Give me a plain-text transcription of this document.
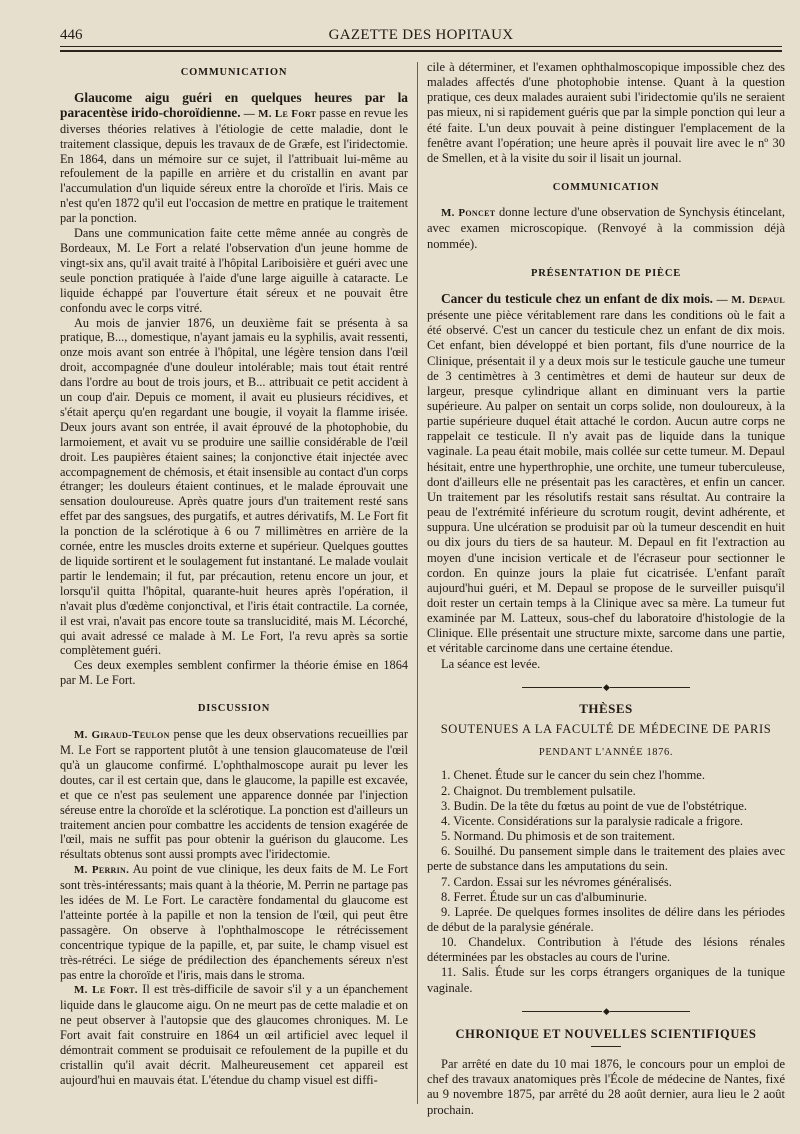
446	GAZETTE DES HOPITAUX
COMMUNICATION

Glaucome aigu guéri en quelques heures par la paracentèse irido-choroïdienne. — M. Le Fort passe en revue les diverses théories relatives à l'étiologie de cette maladie, dont le traitement classique, depuis les travaux de de Græfe, est l'iridectomie. En 1864, dans un mémoire sur ce sujet, il l'attribuait lui-même au refoulement de la papille en arrière et du cristallin en avant par l'accumulation d'un liquide séreux entre la choroïde et l'iris. Mais ce n'est qu'en 1872 qu'il eut l'occasion de mettre en pratique le traitement par la ponction.

Dans une communication faite cette même année au congrès de Bordeaux, M. Le Fort a relaté l'observation d'un jeune homme de vingt-six ans, qu'il avait traité à l'hôpital Lariboisière et guéri avec une seule ponction pratiquée à l'aide d'une large aiguille à cataracte. Le liquide échappé par l'ouverture était séreux et ne pouvait être confondu avec le corps vitré.

Au mois de janvier 1876, un deuxième fait se présenta à sa pratique, B..., domestique, n'ayant jamais eu la syphilis, avait ressenti, onze mois avant son entrée à l'hôpital, une légère tension dans l'œil droit, accompagnée d'une douleur intolérable; mais tout était rentré dans l'ordre au bout de trois jours, et B... attribuait ce petit accident à un coup d'air. Depuis ce moment, il avait eu plusieurs récidives, et s'était aperçu qu'en regardant une bougie, il voyait la flamme irisée. Deux jours avant son entrée, il avait éprouvé de la photophobie, du larmoiement, et avait vu se produire une saillie considérable de l'œil droit. Les paupières étaient saines; la conjonctive était injectée avec accompagnement de chémosis, et était insensible au contact d'un corps étranger; les douleurs étaient continues, et le malade éprouvait une sensation douloureuse. Après quatre jours d'un traitement resté sans effet par des sangsues, des purgatifs, et autres dérivatifs, M. Le Fort fit la ponction de la sclérotique à 6 ou 7 millimètres en arrière de la cornée, entre les muscles droits externe et supérieur. Quelques gouttes de liquide sortirent et le soulagement fut instantané. Le malade voulait partir le lendemain; il fut, par précaution, retenu encore un jour, et lorsqu'il quitta l'hôpital, quarante-huit heures après l'opération, il n'avait plus d'œdème conjonctival, et l'iris était contractile. La cornée, il est vrai, n'avait pas encore toute sa translucidité, mais M. Lécorché, qui avait adressé ce malade à M. Le Fort, l'a revu après sa sortie complètement guéri.

Ces deux exemples semblent confirmer la théorie émise en 1864 par M. Le Fort.

DISCUSSION

M. Giraud-Teulon pense que les deux observations recueillies par M. Le Fort se rapportent plutôt à une tension glaucomateuse de l'œil qu'à un glaucome confirmé. L'ophthalmoscope aurait pu lever les doutes, car il est certain que, dans le glaucome, la papille est excavée, et que ce n'est pas seulement une apparence donnée par l'injection séreuse entre la choroïde et la sclérotique. La ponction est d'ailleurs un traitement ancien pour combattre les accidents de tension exagérée de l'œil, mais ne suffit pas pour obtenir la guérison du glaucome. Les résultats obtenus sont aussi prompts avec l'iridectomie.

M. Perrin. Au point de vue clinique, les deux faits de M. Le Fort sont très-intéressants; mais quant à la théorie, M. Perrin ne partage pas les idées de M. Le Fort. Le caractère fondamental du glaucome est l'atteinte portée à la papille et non la tension de l'œil, qui peut être passagère. On observe à l'ophthalmoscope le rétrécissement concentrique typique de la papille, et, par suite, le champ visuel est très-rétréci. Le siége de prédilection des épanchements séreux n'est pas entre la choroïde et l'iris, mais dans le stroma.

M. Le Fort. Il est très-difficile de savoir s'il y a un épanchement liquide dans le glaucome aigu. On ne meurt pas de cette maladie et on ne peut observer à l'autopsie que des glaucomes chroniques. M. Le Fort avait fait construire en 1864 un œil artificiel avec lequel il démontrait comment se produisait ce refoulement de la pupille et du cristallin qu'il avait décrit. Malheureusement cet appareil est aujourd'hui en mauvais état. L'étendue du champ visuel est diffi-

cile à déterminer, et l'examen ophthalmoscopique impossible chez des malades affectés d'une photophobie intense. Quant à la question pratique, ces deux malades auraient subi l'iridectomie qu'ils ne seraient pas mieux, ni si rapidement guéris que par la simple ponction qui leur a été faite. L'un deux pouvait à peine distinguer l'emplacement de la fenêtre avant l'opération; une heure après il pouvait lire avec le nº 30 de Smellen, et à la visite du soir il lisait un journal.

COMMUNICATION

M. Poncet donne lecture d'une observation de Synchysis étincelant, avec examen microscopique. (Renvoyé à la commission déjà nommée).

PRÉSENTATION DE PIÈCE

Cancer du testicule chez un enfant de dix mois. — M. Depaul présente une pièce véritablement rare dans les conditions où le fait a été observé. C'est un cancer du testicule chez un enfant de dix mois. Cet enfant, bien développé et bien portant, fils d'une nourrice de la Clinique, présentait il y a deux mois sur le testicule gauche une tumeur de 3 centimètres à 3 centimètres et demi de hauteur sur deux de largeur, presque cylindrique allant en diminuant vers la partie supérieure. Au palper on sentait un corps solide, non douloureux, à la partie supérieure duquel était attaché le cordon. Aucun autre corps ne rappelait ce testicule. Il n'y avait pas de liquide dans la tunique vaginale. La peau était mobile, mais collée sur cette tumeur. M. Depaul hésitait, entre une hyperthrophie, une orchite, une tumeur tuberculeuse, dont d'ailleurs elle ne présentait pas les caractères, et enfin un cancer. Un traitement par les résolutifs restait sans résultat. Au contraire la peau de l'extrémité inférieure du scrotum rougit, devint adhérente, et suppura. Une ulcération se produisit par où la tumeur descendit en huit ou dix jours du tiers de sa hauteur. M. Depaul en fit l'extraction au moyen d'une incision verticale et de l'écraseur pour sectionner le cordon. En quinze jours la plaie fut cicatrisée. L'enfant paraît aujourd'hui guéri, et M. Depaul se propose de le surveiller puisqu'il doit rester un certain temps à la Clinique avec sa mère. La tumeur fut examinée par M. Latteux, sous-chef du laboratoire d'histologie de la Clinique. Elle présentait une structure mixte, sarcome dans une partie, et véritable carcinome dans une certaine étendue.

La séance est levée.

◆
THÈSES
SOUTENUES A LA FACULTÉ DE MÉDECINE DE PARIS
PENDANT L'ANNÉE 1876.
1. Chenet. Étude sur le cancer du sein chez l'homme.
2. Chaignot. Du tremblement pulsatile.
3. Budin. De la tête du fœtus au point de vue de l'obstétrique.
4. Vicente. Considérations sur la paralysie radicale a frigore.
5. Normand. Du phimosis et de son traitement.
6. Souilhé. Du pansement simple dans le traitement des plaies avec perte de substance dans les amputations du sein.
7. Cardon. Essai sur les névromes généralisés.
8. Ferret. Étude sur un cas d'albuminurie.
9. Laprée. De quelques formes insolites de délire dans les périodes de début de la paralysie générale.
10. Chandelux. Contribution à l'étude des lésions rénales déterminées par les obstacles au cours de l'urine.
11. Salis. Étude sur les corps étrangers organiques de la tunique vaginale.
◆
CHRONIQUE ET NOUVELLES SCIENTIFIQUES

Par arrêté en date du 10 mai 1876, le concours pour un emploi de chef des travaux anatomiques près l'École de médecine de Nantes, fixé au 9 novembre 1875, par arrêté du 28 août dernier, aura lieu le 2 août prochain.
